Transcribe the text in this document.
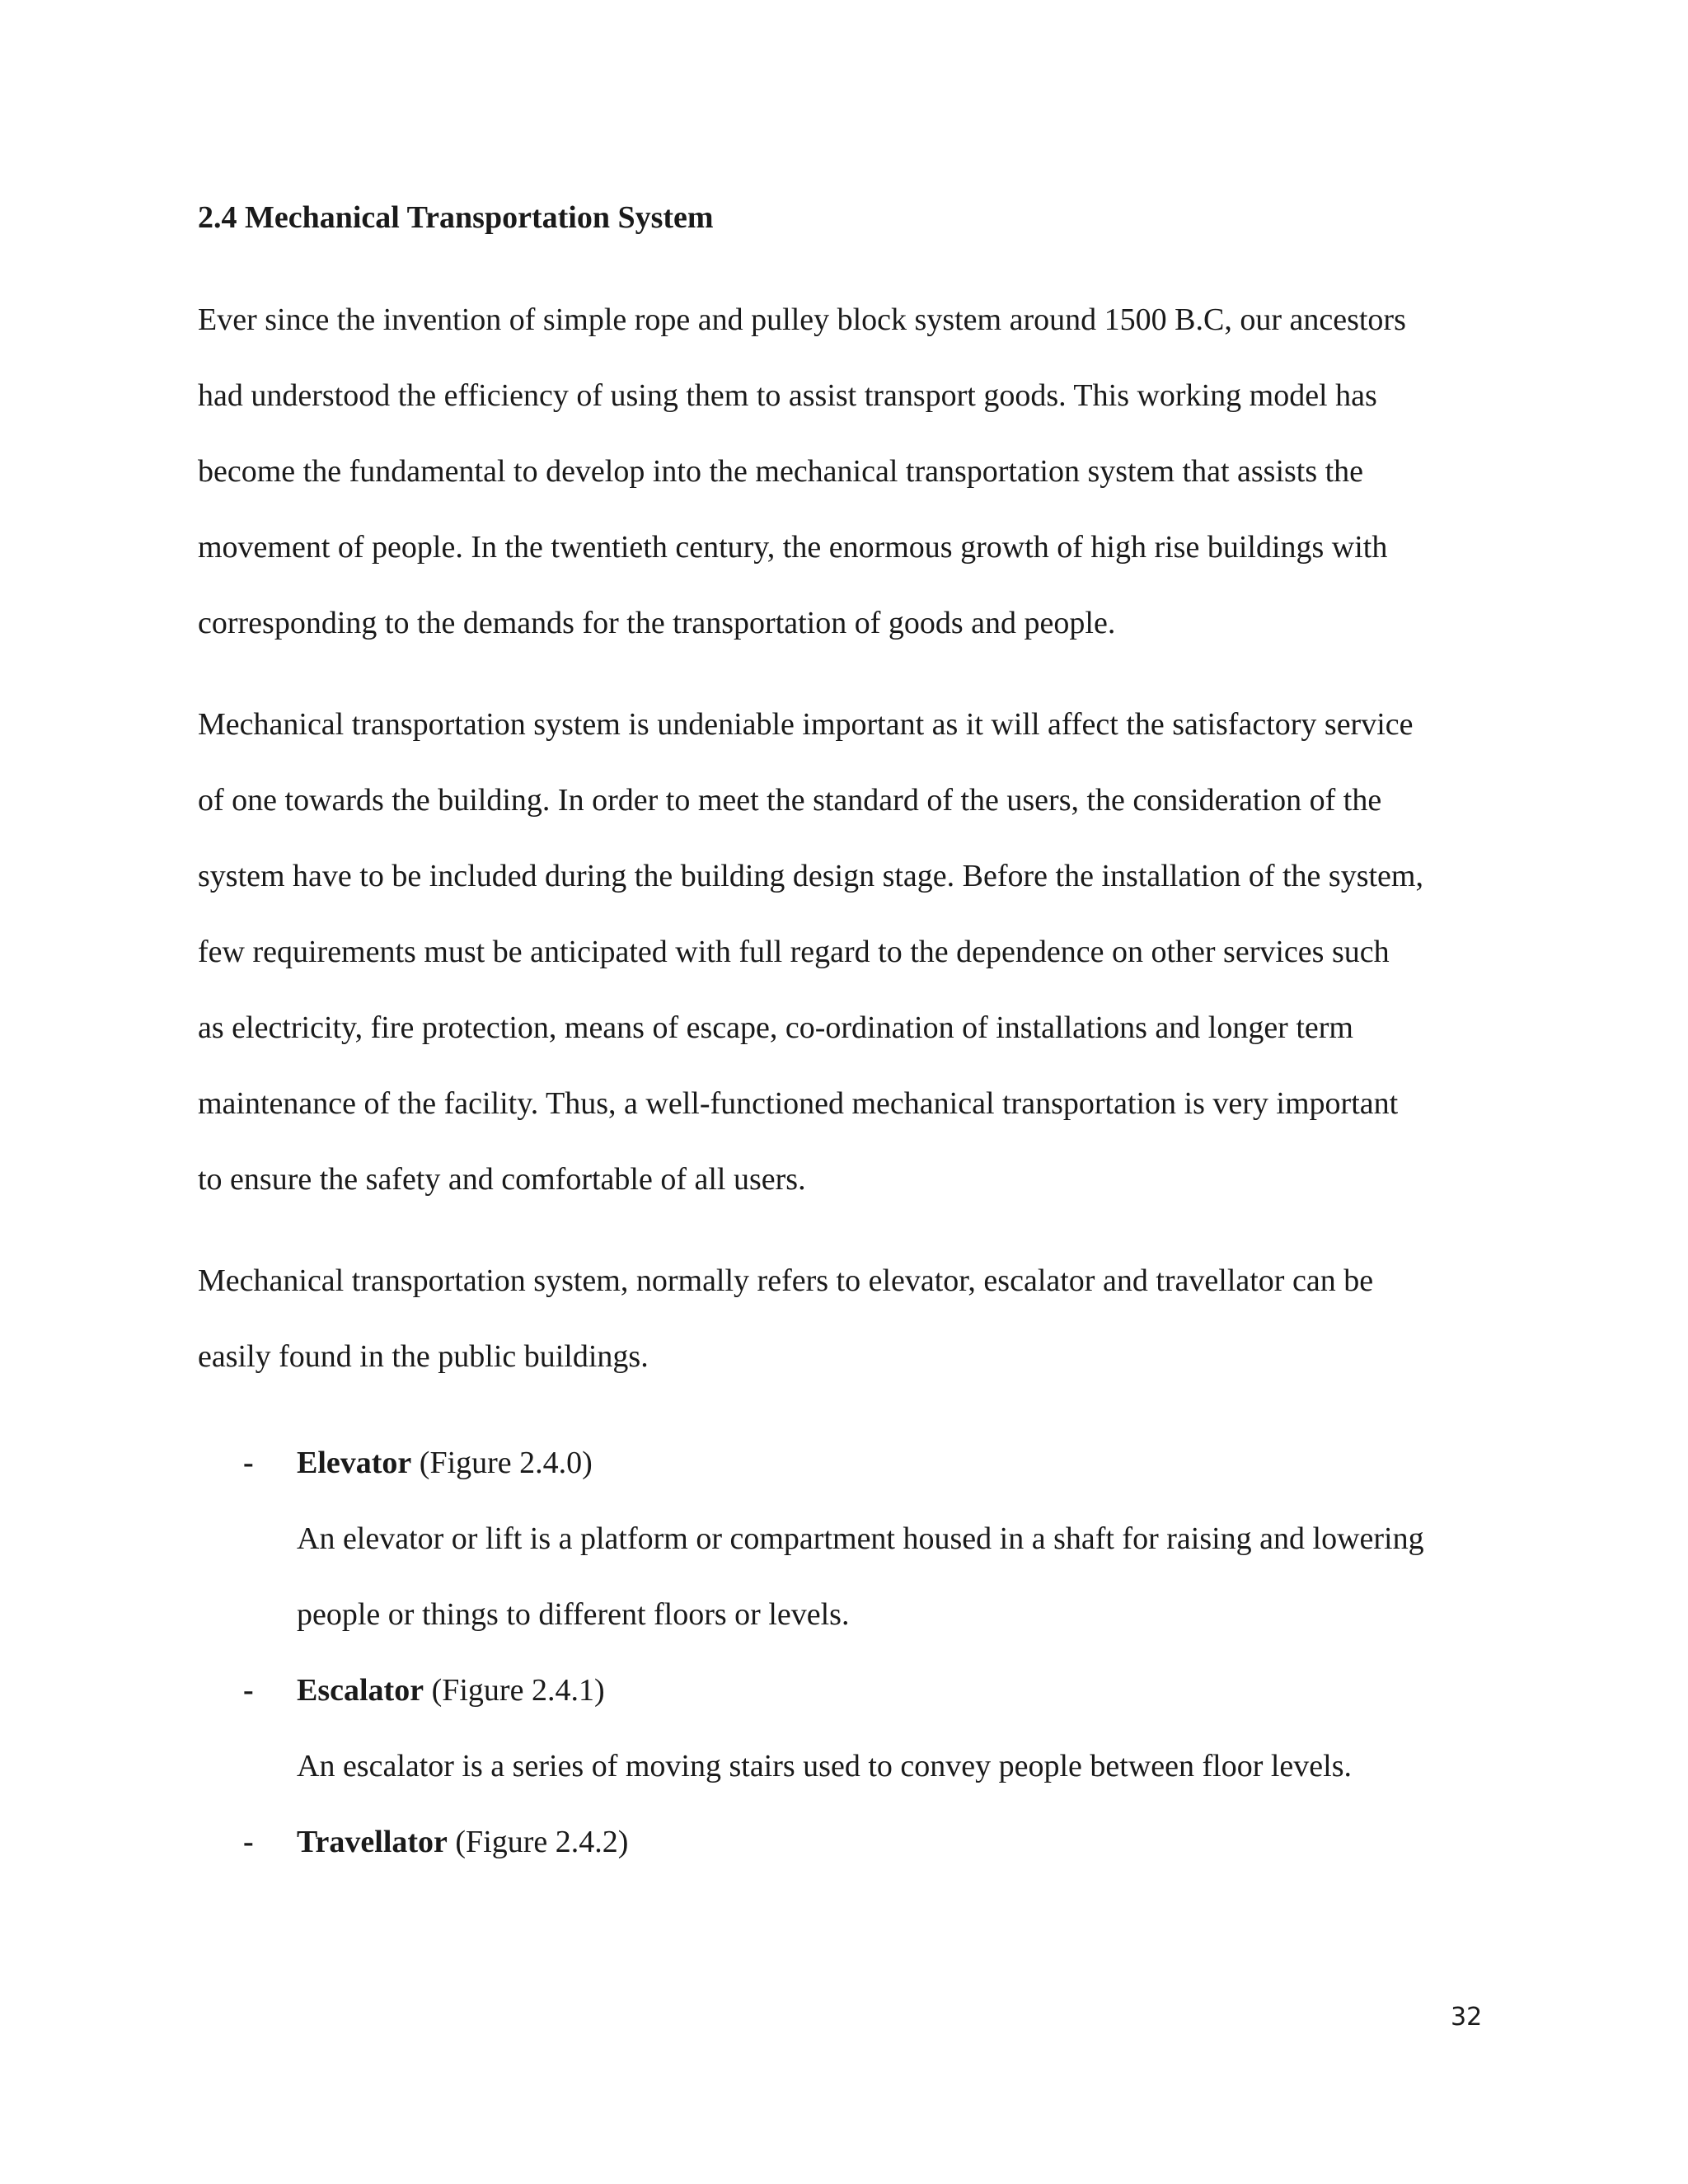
2.4 Mechanical Transportation System

Ever since the invention of simple rope and pulley block system around 1500 B.C, our ancestors
had understood the efficiency of using them to assist transport goods. This working model has
become the fundamental to develop into the mechanical transportation system that assists the
movement of people. In the twentieth century, the enormous growth of high rise buildings with
corresponding to the demands for the transportation of goods and people.

Mechanical transportation system is undeniable important as it will affect the satisfactory service
of one towards the building. In order to meet the standard of the users, the consideration of the
system have to be included during the building design stage. Before the installation of the system,
few requirements must be anticipated with full regard to the dependence on other services such
as electricity, fire protection, means of escape, co-ordination of installations and longer term
maintenance of the facility. Thus, a well-functioned mechanical transportation is very important
to ensure the safety and comfortable of all users.

Mechanical transportation system, normally refers to elevator, escalator and travellator can be
easily found in the public buildings.

- Elevator (Figure 2.4.0)

An elevator or lift is a platform or compartment housed in a shaft for raising and lowering
people or things to different floors or levels.

- Escalator (Figure 2.4.1)

An escalator is a series of moving stairs used to convey people between floor levels.

- Travellator (Figure 2.4.2)
32
